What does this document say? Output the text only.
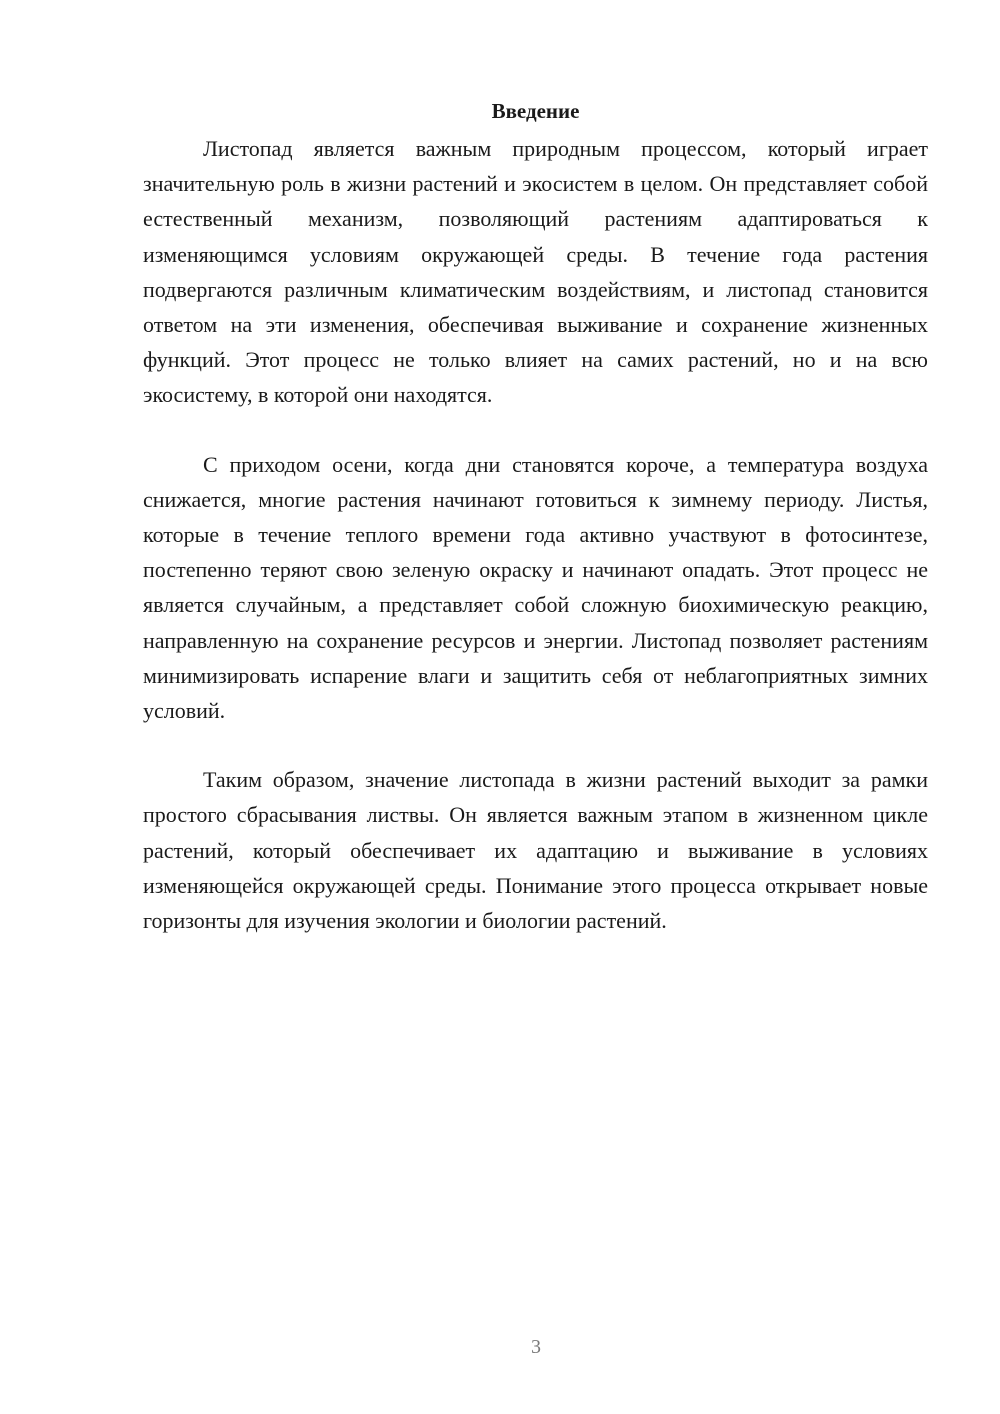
Введение

Листопад является важным природным процессом, который играет значительную роль в жизни растений и экосистем в целом. Он представляет собой естественный механизм, позволяющий растениям адаптироваться к изменяющимся условиям окружающей среды. В течение года растения подвергаются различным климатическим воздействиям, и листопад становится ответом на эти изменения, обеспечивая выживание и сохранение жизненных функций. Этот процесс не только влияет на самих растений, но и на всю экосистему, в которой они находятся.

С приходом осени, когда дни становятся короче, а температура воздуха снижается, многие растения начинают готовиться к зимнему периоду. Листья, которые в течение теплого времени года активно участвуют в фотосинтезе, постепенно теряют свою зеленую окраску и начинают опадать. Этот процесс не является случайным, а представляет собой сложную биохимическую реакцию, направленную на сохранение ресурсов и энергии. Листопад позволяет растениям минимизировать испарение влаги и защитить себя от неблагоприятных зимних условий.

Таким образом, значение листопада в жизни растений выходит за рамки простого сбрасывания листвы. Он является важным этапом в жизненном цикле растений, который обеспечивает их адаптацию и выживание в условиях изменяющейся окружающей среды. Понимание этого процесса открывает новые горизонты для изучения экологии и биологии растений.

3
